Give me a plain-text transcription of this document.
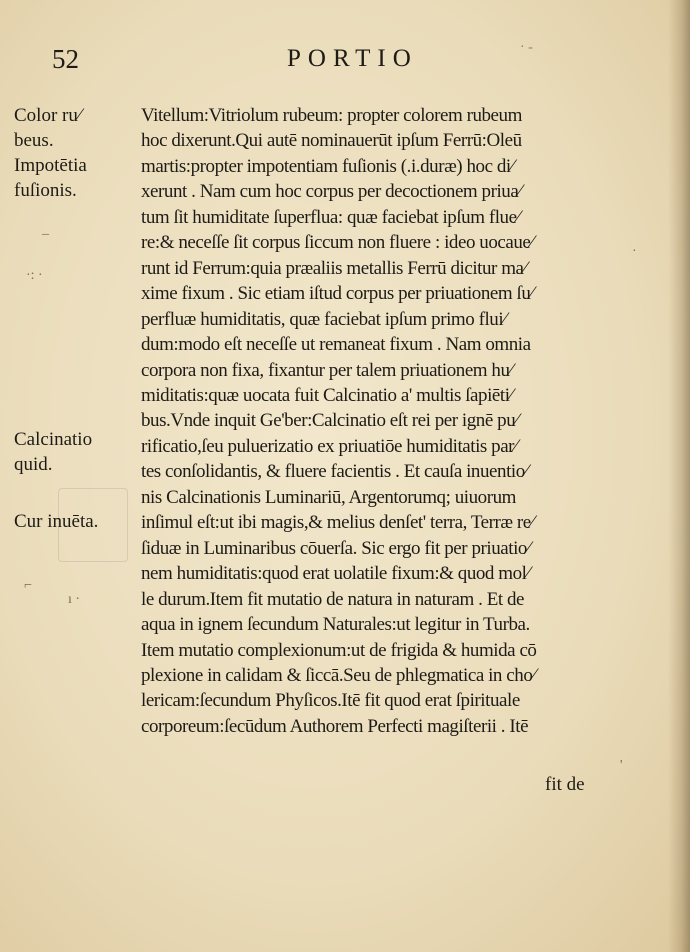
52	PORTIO	· -
_
·: ·
ı ·
⌐
·
'
Color ru⁄
beus.
Impotētia
fuſionis.
Calcinatio
quid.
Cur inuēta.
Vitellum:Vitriolum rubeum: propter colorem rubeum
hoc dixerunt.Qui autē nominauerūt ipſum Ferrū:Oleū
martis:propter impotentiam fuſionis (.i.duræ) hoc di⁄
xerunt . Nam cum hoc corpus per decoctionem priua⁄
tum ſit humiditate ſuperflua: quæ faciebat ipſum flue⁄
re:& neceſſe ſit corpus ſiccum non fluere : ideo uocaue⁄
runt id Ferrum:quia præaliis metallis Ferrū dicitur ma⁄
xime fixum . Sic etiam iſtud corpus per priuationem ſu⁄
perfluæ humiditatis, quæ faciebat ipſum primo flui⁄
dum:modo eſt neceſſe ut remaneat fixum . Nam omnia
corpora non fixa, fixantur per talem priuationem hu⁄
miditatis:quæ uocata fuit Calcinatio a' multis ſapiēti⁄
bus.Vnde inquit Ge'ber:Calcinatio eſt rei per ignē pu⁄
rificatio,ſeu puluerizatio ex priuatiōe humiditatis par⁄
tes conſolidantis, & fluere facientis . Et cauſa inuentio⁄
nis Calcinationis Luminariū, Argentorumq; uiuorum
inſimul eſt:ut ibi magis,& melius denſet' terra, Terræ re⁄
ſiduæ in Luminaribus cōuerſa. Sic ergo fit per priuatio⁄
nem humiditatis:quod erat uolatile fixum:& quod mol⁄
le durum.Item fit mutatio de natura in naturam . Et de
aqua in ignem ſecundum Naturales:ut legitur in Turba.
Item mutatio complexionum:ut de frigida & humida cō
plexione in calidam & ſiccā.Seu de phlegmatica in cho⁄
lericam:ſecundum Phyſicos.Itē fit quod erat ſpirituale
corporeum:ſecūdum Authorem Perfecti magiſterii . Itē
fit de
